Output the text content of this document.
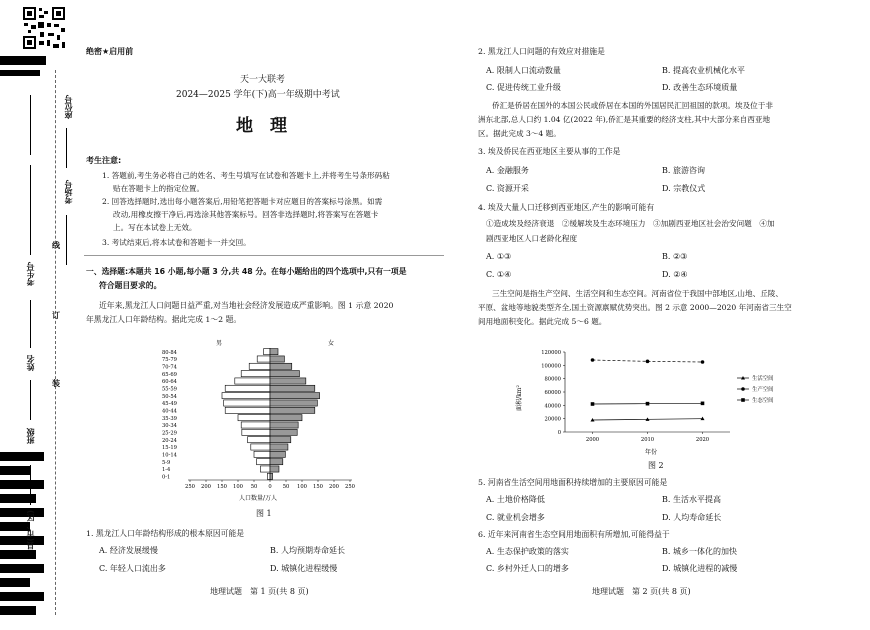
座位号
考场号
考生号
姓名
班级
县(市、区)
线
订
装
绝密★启用前
天一大联考
2024—2025 学年(下)高一年级期中考试
地　理
考生注意:
1. 答题前,考生务必将自己的姓名、考生号填写在试卷和答题卡上,并将考生号条形码粘
贴在答题卡上的指定位置。
2. 回答选择题时,选出每小题答案后,用铅笔把答题卡对应题目的答案标号涂黑。如需
改动,用橡皮擦干净后,再选涂其他答案标号。回答非选择题时,将答案写在答题卡
上。写在本试卷上无效。
3. 考试结束后,将本试卷和答题卡一并交回。
一、选择题:本题共 16 小题,每小题 3 分,共 48 分。在每小题给出的四个选项中,只有一项是
符合题目要求的。
近年来,黑龙江人口问题日益严重,对当地社会经济发展造成严重影响。图 1 示意 2020
年黑龙江人口年龄结构。据此完成 1～2 题。
0-1
1-4
5-9
10-14
15-19
20-24
25-29
30-34
35-39
40-44
45-49
50-54
55-59
60-64
65-69
70-74
75-79
80-84
250 200 150 100 50 0 50 100 150 200 250
男	女
人口数量/万人
图 1
1. 黑龙江人口年龄结构形成的根本原因可能是
A. 经济发展缓慢	B. 人均预期寿命延长
C. 年轻人口流出多	D. 城镇化进程缓慢
地理试题　第 1 页(共 8 页)
2. 黑龙江人口问题的有效应对措施是
A. 限制人口流动数量	B. 提高农业机械化水平
C. 促进传统工业升级	D. 改善生态环境质量
侨汇是侨居在国外的本国公民或侨居在本国的外国居民汇回祖国的款项。埃及位于非
洲东北部,总人口约 1.04 亿(2022 年),侨汇是其重要的经济支柱,其中大部分来自西亚地
区。据此完成 3～4 题。
3. 埃及侨民在西亚地区主要从事的工作是
A. 金融服务	B. 旅游咨询
C. 资源开采	D. 宗教仪式
4. 埃及大量人口迁移到西亚地区,产生的影响可能有
①造成埃及经济衰退　②缓解埃及生态环境压力　③加剧西亚地区社会治安问题　④加
剧西亚地区人口老龄化程度
A. ①③	B. ②③
C. ①④	D. ②④
三生空间是指生产空间、生活空间和生态空间。河南省位于我国中部地区,山地、丘陵、
平原、盆地等地貌类型齐全,国土资源禀赋优势突出。图 2 示意 2000—2020 年河南省三生空
间用地面积变化。据此完成 5～6 题。
0
20000
40000
60000
80000
100000
120000
2000	2010	2020
生活空间
生产空间
生态空间
面积/km²
年份
图 2
5. 河南省生活空间用地面积持续增加的主要原因可能是
A. 土地价格降低	B. 生活水平提高
C. 就业机会增多	D. 人均寿命延长
6. 近年来河南省生态空间用地面积有所增加,可能得益于
A. 生态保护政策的落实	B. 城乡一体化的加快
C. 乡村外迁人口的增多	D. 城镇化进程的减慢
地理试题　第 2 页(共 8 页)
